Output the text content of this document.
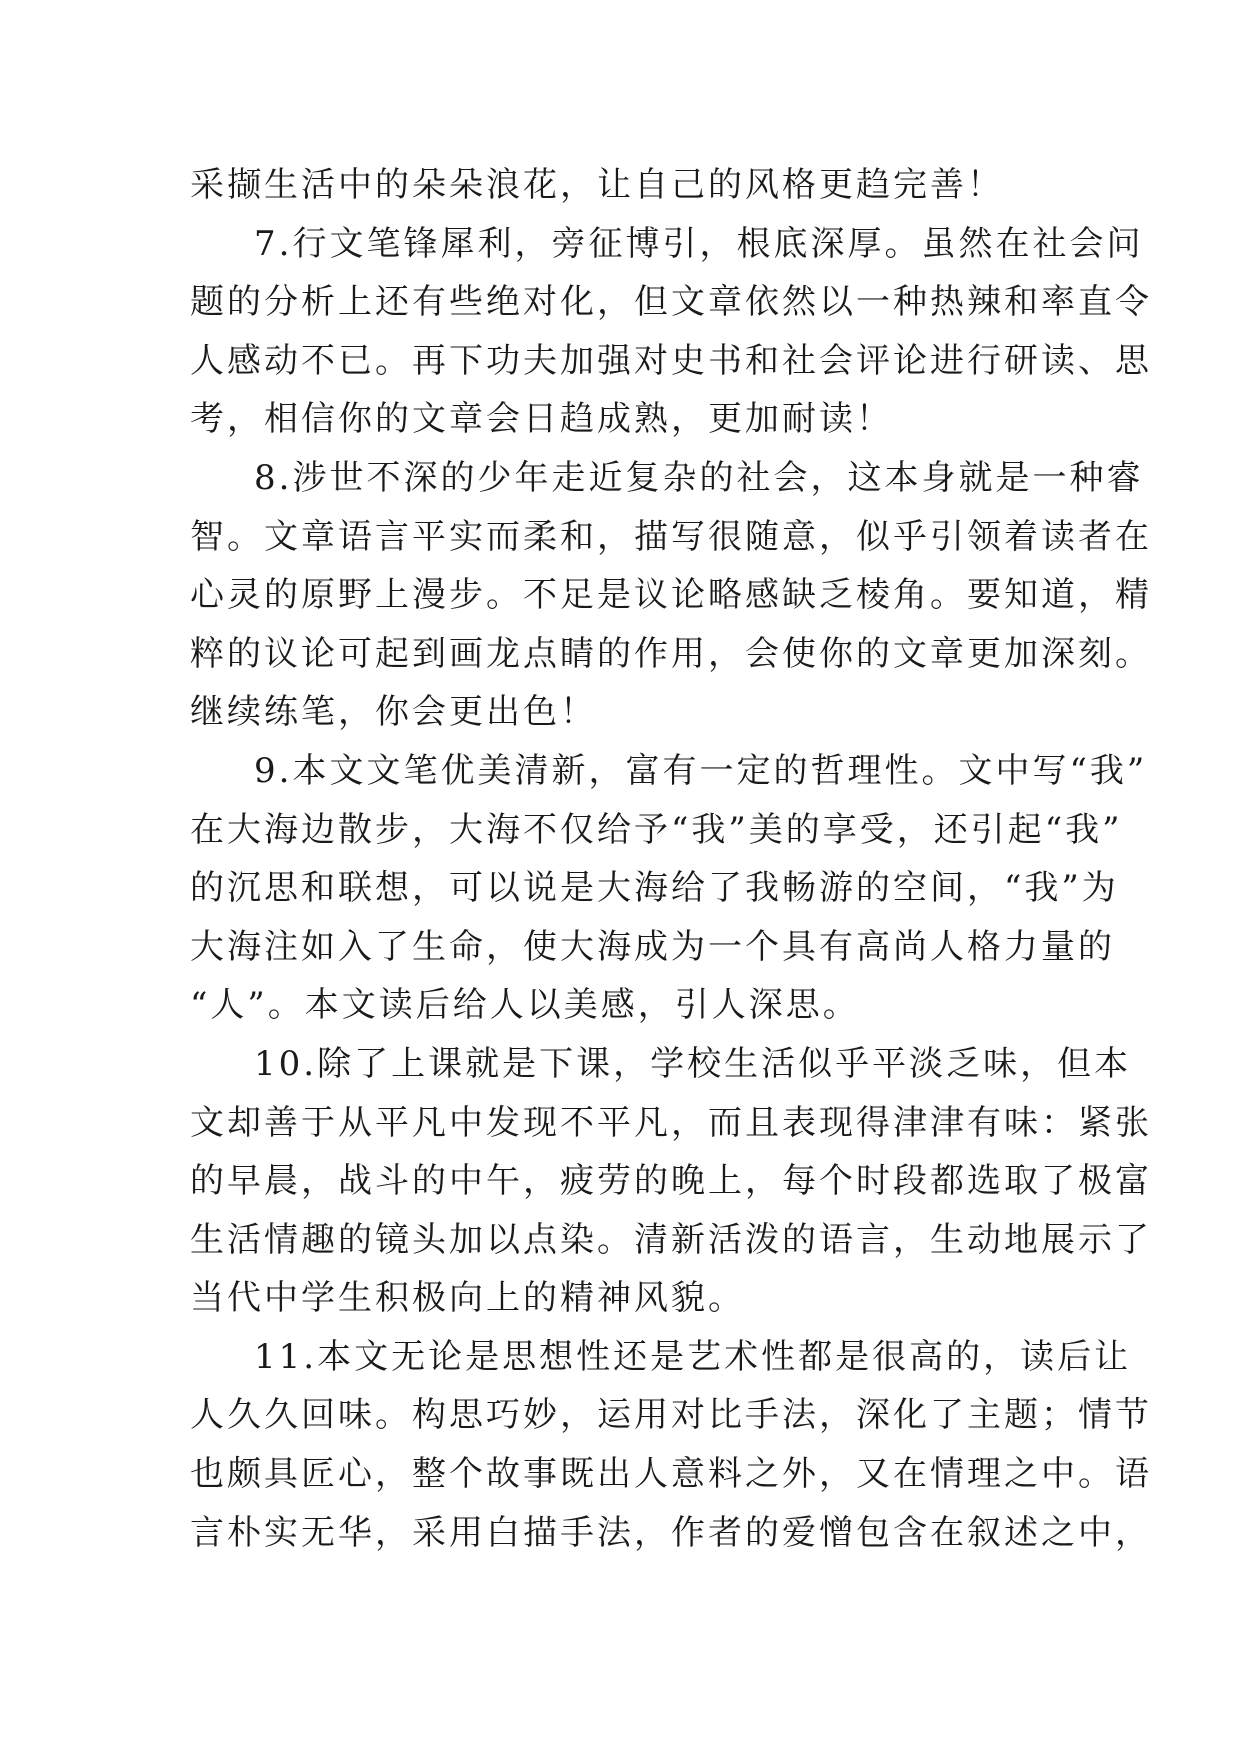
采撷生活中的朵朵浪花，让自己的风格更趋完善！
7.行文笔锋犀利，旁征博引，根底深厚。虽然在社会问
题的分析上还有些绝对化，但文章依然以一种热辣和率直令
人感动不已。再下功夫加强对史书和社会评论进行研读、思
考，相信你的文章会日趋成熟，更加耐读！
8.涉世不深的少年走近复杂的社会，这本身就是一种睿
智。文章语言平实而柔和，描写很随意，似乎引领着读者在
心灵的原野上漫步。不足是议论略感缺乏棱角。要知道，精
粹的议论可起到画龙点睛的作用，会使你的文章更加深刻。
继续练笔，你会更出色！
9.本文文笔优美清新，富有一定的哲理性。文中写“我”
在大海边散步，大海不仅给予“我”美的享受，还引起“我”
的沉思和联想，可以说是大海给了我畅游的空间，“我”为
大海注如入了生命，使大海成为一个具有高尚人格力量的
“人”。本文读后给人以美感，引人深思。
10.除了上课就是下课，学校生活似乎平淡乏味，但本
文却善于从平凡中发现不平凡，而且表现得津津有味：紧张
的早晨，战斗的中午，疲劳的晚上，每个时段都选取了极富
生活情趣的镜头加以点染。清新活泼的语言，生动地展示了
当代中学生积极向上的精神风貌。
11.本文无论是思想性还是艺术性都是很高的，读后让
人久久回味。构思巧妙，运用对比手法，深化了主题；情节
也颇具匠心，整个故事既出人意料之外，又在情理之中。语
言朴实无华，采用白描手法，作者的爱憎包含在叙述之中，
